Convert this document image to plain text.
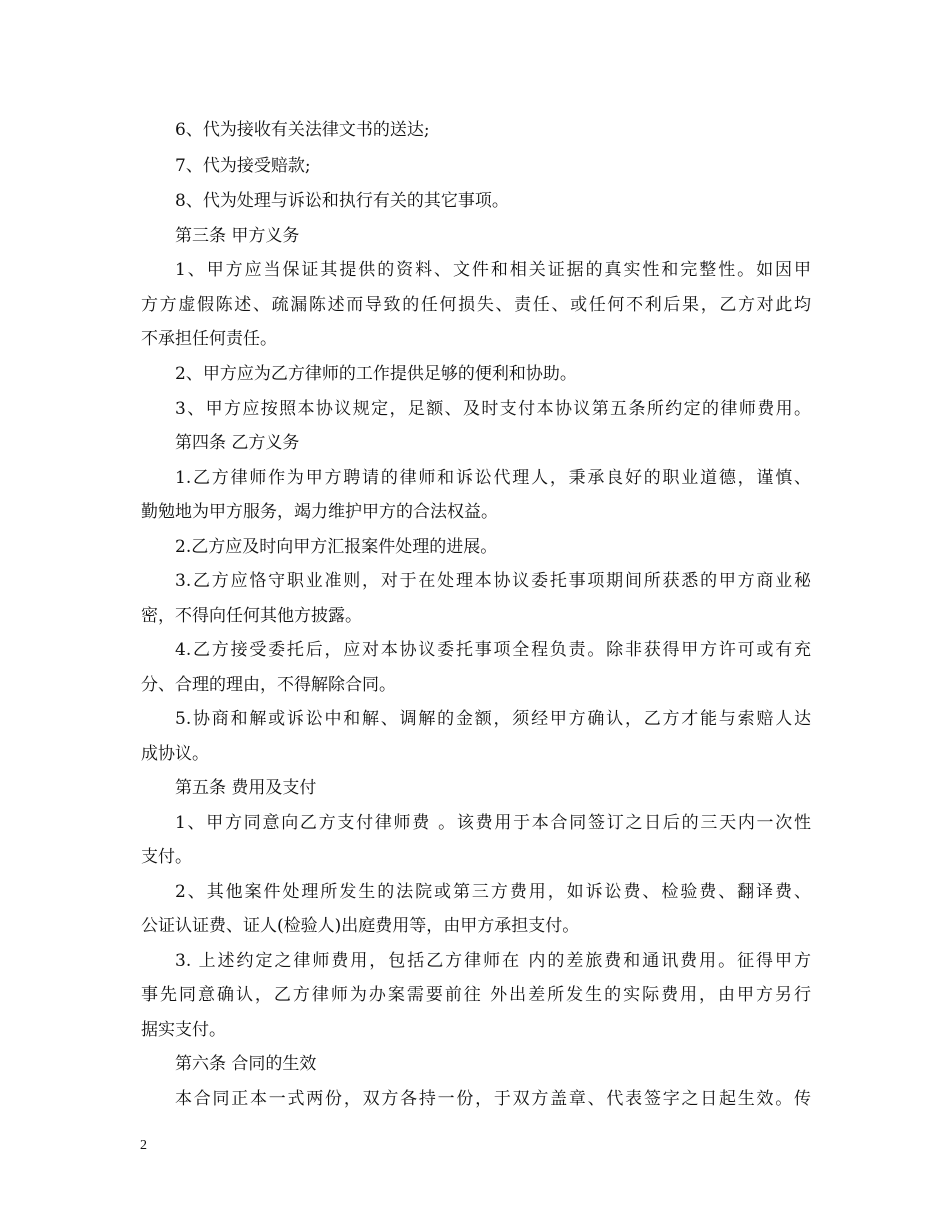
6、代为接收有关法律文书的送达;
7、代为接受赔款;
8、代为处理与诉讼和执行有关的其它事项。
第三条 甲方义务
1、甲方应当保证其提供的资料、文件和相关证据的真实性和完整性。如因甲
方方虚假陈述、疏漏陈述而导致的任何损失、责任、或任何不利后果，乙方对此均
不承担任何责任。
2、甲方应为乙方律师的工作提供足够的便利和协助。
3、甲方应按照本协议规定，足额、及时支付本协议第五条所约定的律师费用。
第四条 乙方义务
1.乙方律师作为甲方聘请的律师和诉讼代理人，秉承良好的职业道德，谨慎、
勤勉地为甲方服务，竭力维护甲方的合法权益。
2.乙方应及时向甲方汇报案件处理的进展。
3.乙方应恪守职业准则，对于在处理本协议委托事项期间所获悉的甲方商业秘
密，不得向任何其他方披露。
4.乙方接受委托后，应对本协议委托事项全程负责。除非获得甲方许可或有充
分、合理的理由，不得解除合同。
5.协商和解或诉讼中和解、调解的金额，须经甲方确认，乙方才能与索赔人达
成协议。
第五条 费用及支付
1、甲方同意向乙方支付律师费 。该费用于本合同签订之日后的三天内一次性
支付。
2、其他案件处理所发生的法院或第三方费用，如诉讼费、检验费、翻译费、
公证认证费、证人(检验人)出庭费用等，由甲方承担支付。
3. 上述约定之律师费用，包括乙方律师在 内的差旅费和通讯费用。征得甲方
事先同意确认，乙方律师为办案需要前往 外出差所发生的实际费用，由甲方另行
据实支付。
第六条 合同的生效
本合同正本一式两份，双方各持一份，于双方盖章、代表签字之日起生效。传
2
